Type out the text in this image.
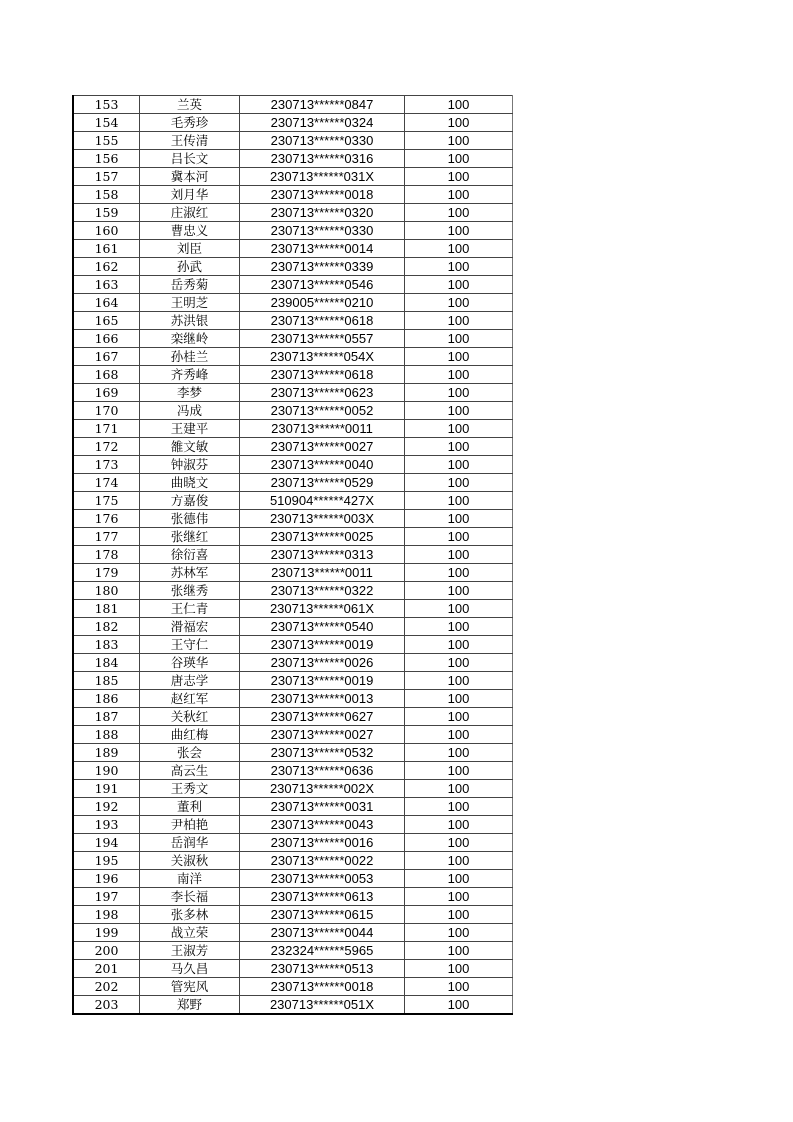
153	兰英	230713******0847	100
154	毛秀珍	230713******0324	100
155	王传清	230713******0330	100
156	吕长文	230713******0316	100
157	冀本河	230713******031X	100
158	刘月华	230713******0018	100
159	庄淑红	230713******0320	100
160	曹忠义	230713******0330	100
161	刘臣	230713******0014	100
162	孙武	230713******0339	100
163	岳秀菊	230713******0546	100
164	王明芝	239005******0210	100
165	苏洪银	230713******0618	100
166	栾继岭	230713******0557	100
167	孙桂兰	230713******054X	100
168	齐秀峰	230713******0618	100
169	李梦	230713******0623	100
170	冯成	230713******0052	100
171	王建平	230713******0011	100
172	雒文敏	230713******0027	100
173	钟淑芬	230713******0040	100
174	曲晓文	230713******0529	100
175	方嘉俊	510904******427X	100
176	张德伟	230713******003X	100
177	张继红	230713******0025	100
178	徐衍喜	230713******0313	100
179	苏林军	230713******0011	100
180	张继秀	230713******0322	100
181	王仁青	230713******061X	100
182	滑福宏	230713******0540	100
183	王守仁	230713******0019	100
184	谷瑛华	230713******0026	100
185	唐志学	230713******0019	100
186	赵红军	230713******0013	100
187	关秋红	230713******0627	100
188	曲红梅	230713******0027	100
189	张会	230713******0532	100
190	高云生	230713******0636	100
191	王秀文	230713******002X	100
192	董利	230713******0031	100
193	尹柏艳	230713******0043	100
194	岳润华	230713******0016	100
195	关淑秋	230713******0022	100
196	南洋	230713******0053	100
197	李长福	230713******0613	100
198	张多林	230713******0615	100
199	战立荣	230713******0044	100
200	王淑芳	232324******5965	100
201	马久昌	230713******0513	100
202	管宪风	230713******0018	100
203	郑野	230713******051X	100
